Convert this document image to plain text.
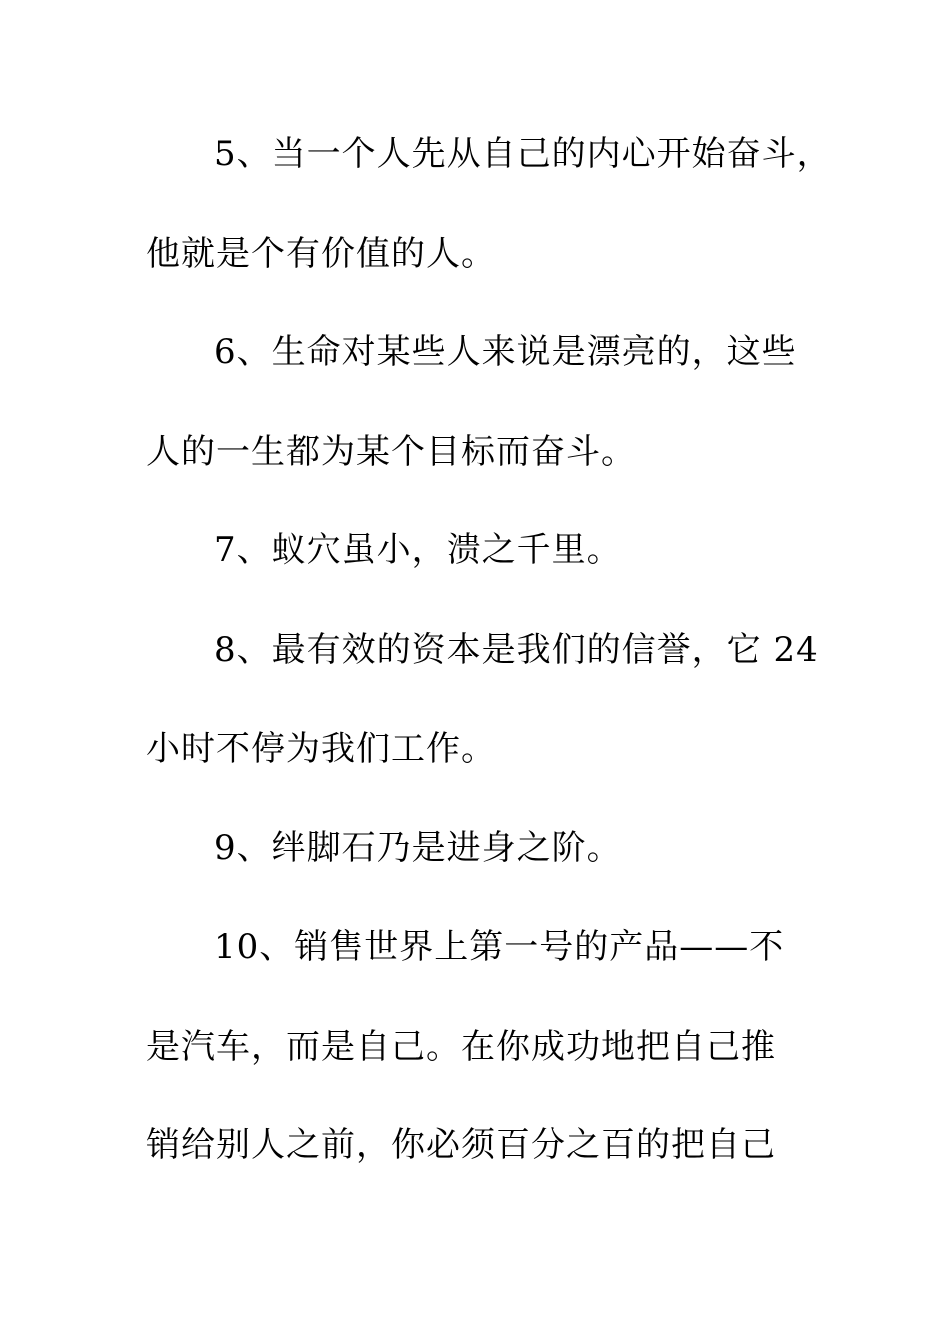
5、当一个人先从自己的内心开始奋斗，
他就是个有价值的人。
6、生命对某些人来说是漂亮的，这些
人的一生都为某个目标而奋斗。
7、蚁穴虽小，溃之千里。
8、最有效的资本是我们的信誉，它 24
小时不停为我们工作。
9、绊脚石乃是进身之阶。
10、销售世界上第一号的产品——不
是汽车，而是自己。在你成功地把自己推
销给别人之前，你必须百分之百的把自己
